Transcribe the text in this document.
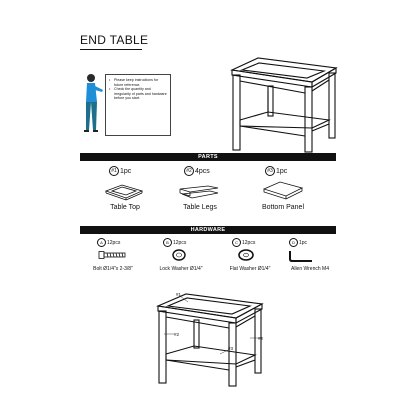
END TABLE
• Please keep instructions for future reference.
• Check the quantity and irregularity of parts and hardware before you start.
PARTS
#1 1pc	#2 4pcs	#3 1pc
Table Top	Table Legs	Bottom Panel
HARDWARE
A 12pcs	B 12pcs	C 12pcs	D 1pc
Bolt Ø1/4"x 2-3/8"	Lock Washer Ø1/4"	Flat Washer Ø1/4"	Allen Wrench M4
#1
#2
#2
#3
